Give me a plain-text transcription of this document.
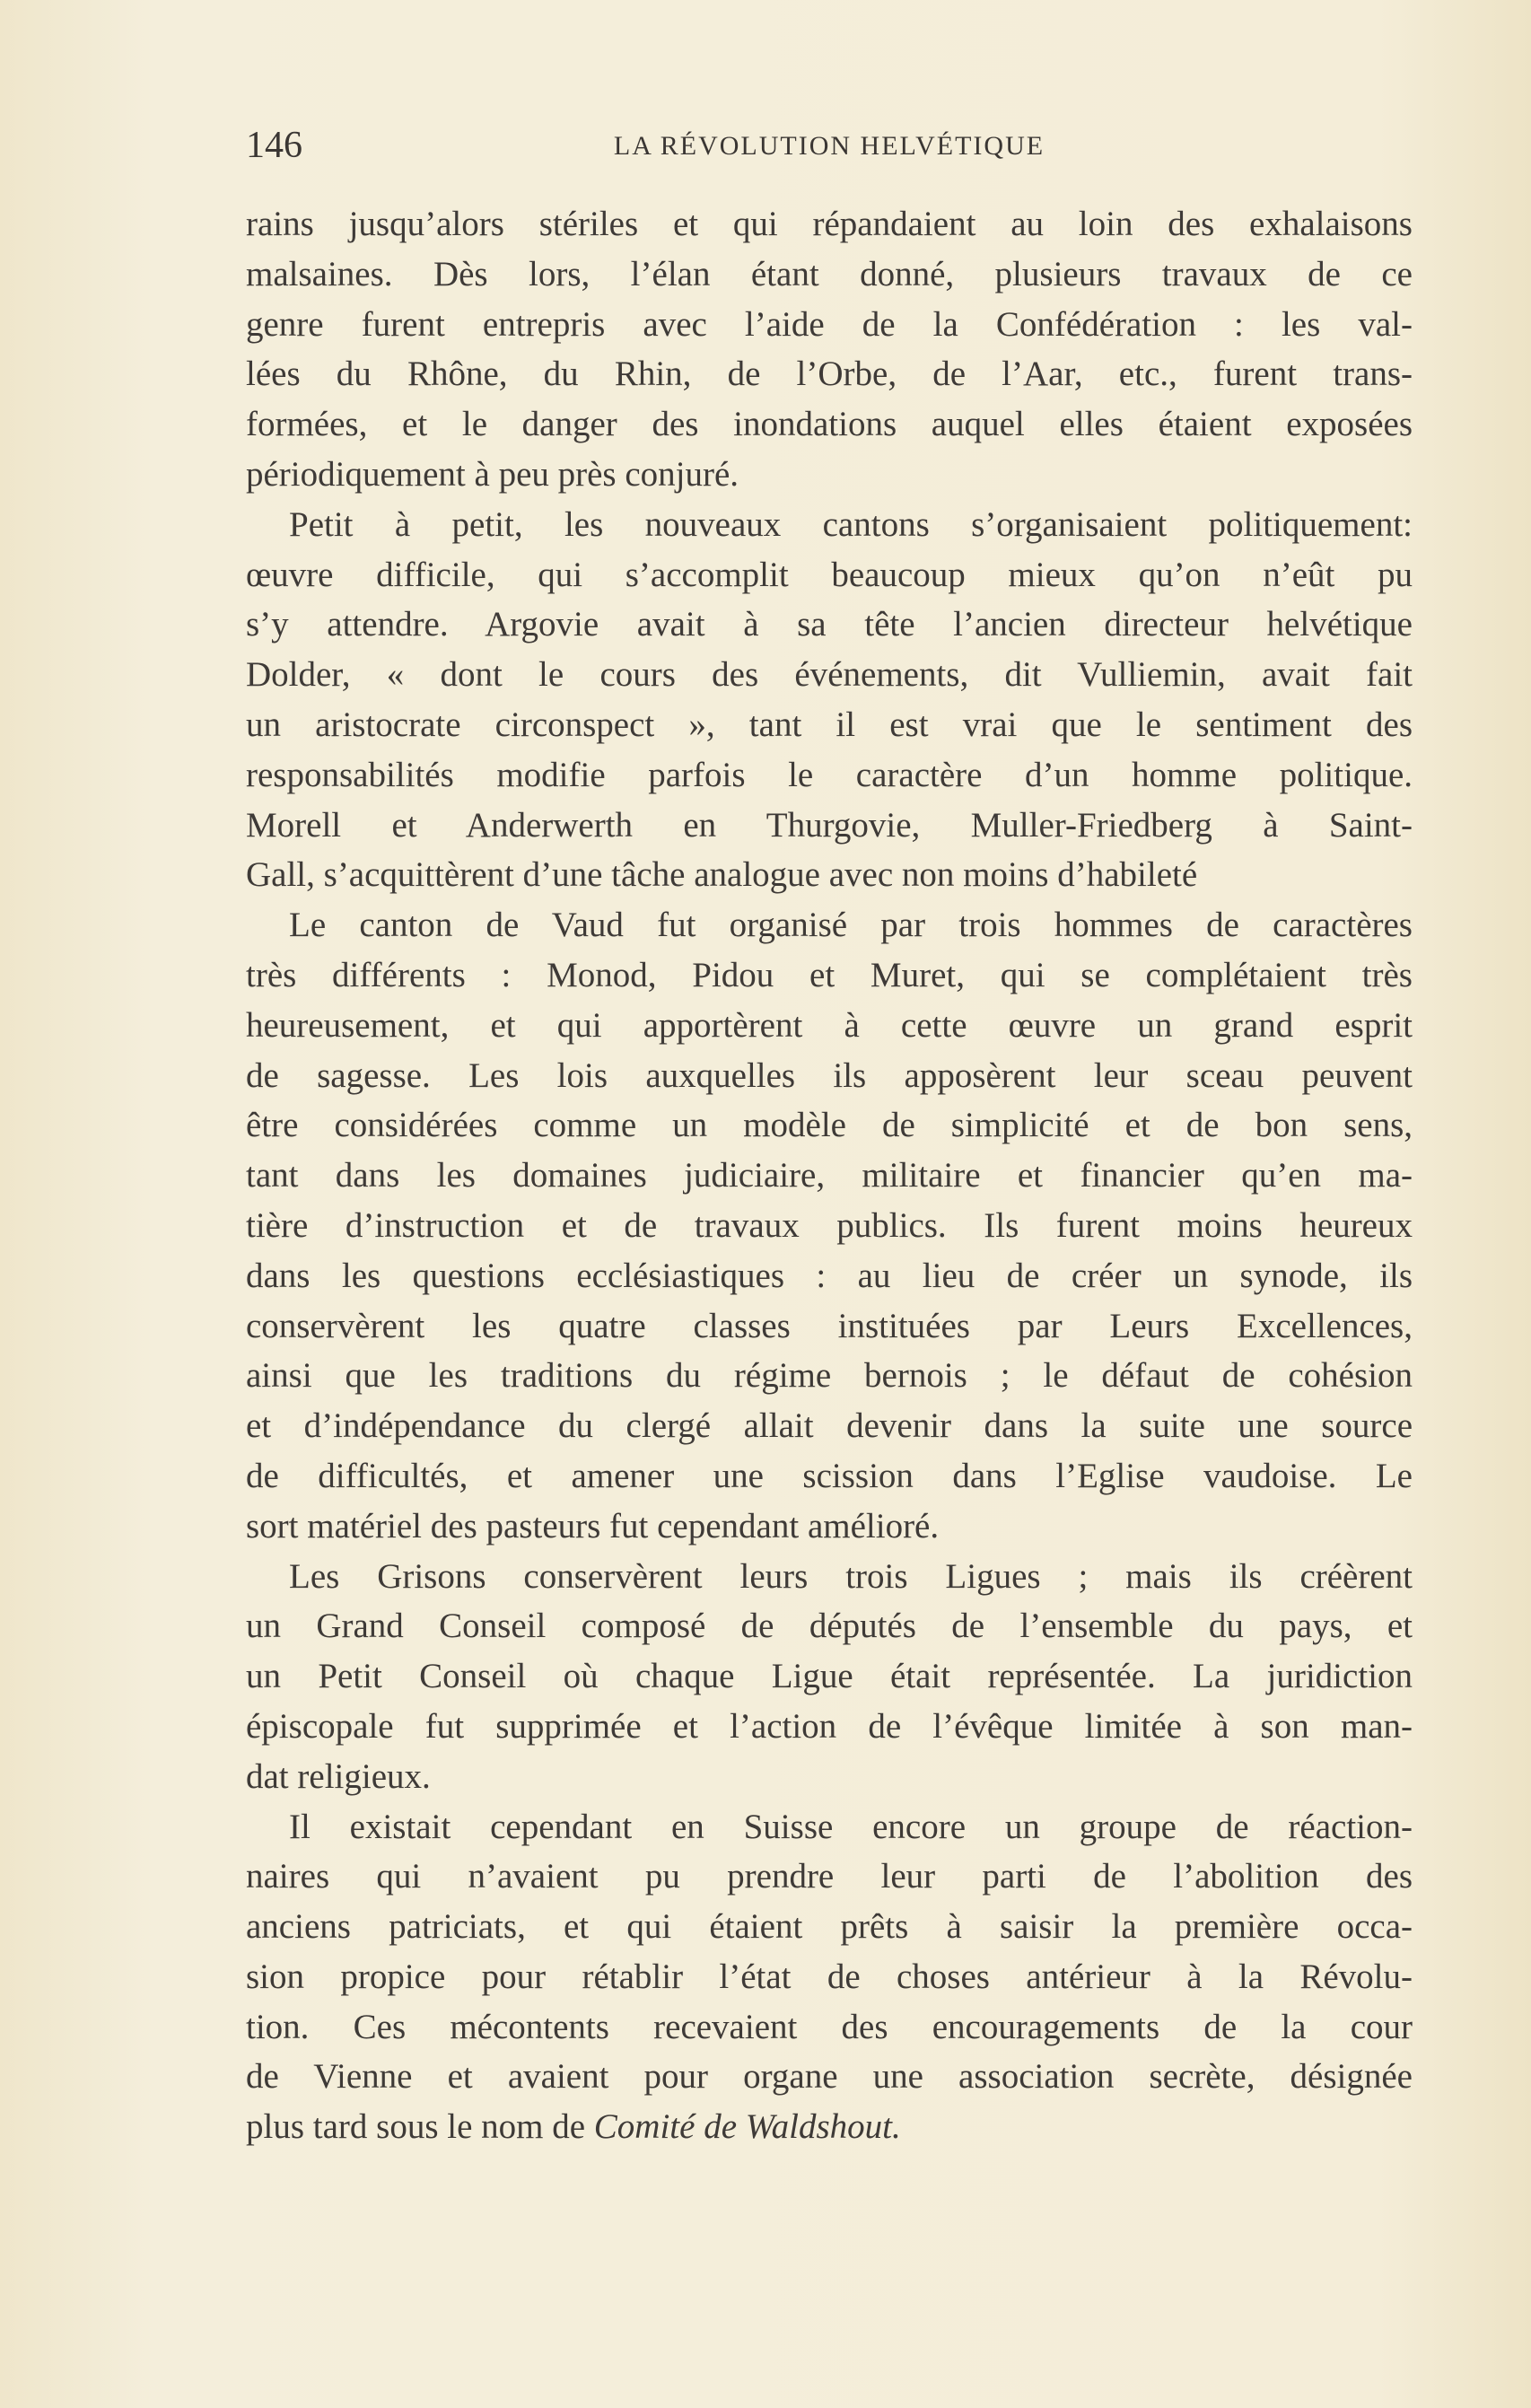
146	LA RÉVOLUTION HELVÉTIQUE
rains jusqu’alors stériles et qui répandaient au loin des exhalaisons
malsaines. Dès lors, l’élan étant donné, plusieurs travaux de ce
genre furent entrepris avec l’aide de la Confédération : les val-
lées du Rhône, du Rhin, de l’Orbe, de l’Aar, etc., furent trans-
formées, et le danger des inondations auquel elles étaient exposées
périodiquement à peu près conjuré.
Petit à petit, les nouveaux cantons s’organisaient politiquement:
œuvre difficile, qui s’accomplit beaucoup mieux qu’on n’eût pu
s’y attendre. Argovie avait à sa tête l’ancien directeur helvétique
Dolder, « dont le cours des événements, dit Vulliemin, avait fait
un aristocrate circonspect », tant il est vrai que le sentiment des
responsabilités modifie parfois le caractère d’un homme politique.
Morell et Anderwerth en Thurgovie, Muller-Friedberg à Saint-
Gall, s’acquittèrent d’une tâche analogue avec non moins d’habileté
Le canton de Vaud fut organisé par trois hommes de caractères
très différents : Monod, Pidou et Muret, qui se complétaient très
heureusement, et qui apportèrent à cette œuvre un grand esprit
de sagesse. Les lois auxquelles ils apposèrent leur sceau peuvent
être considérées comme un modèle de simplicité et de bon sens,
tant dans les domaines judiciaire, militaire et financier qu’en ma-
tière d’instruction et de travaux publics. Ils furent moins heureux
dans les questions ecclésiastiques : au lieu de créer un synode, ils
conservèrent les quatre classes instituées par Leurs Excellences,
ainsi que les traditions du régime bernois ; le défaut de cohésion
et d’indépendance du clergé allait devenir dans la suite une source
de difficultés, et amener une scission dans l’Eglise vaudoise. Le
sort matériel des pasteurs fut cependant amélioré.
Les Grisons conservèrent leurs trois Ligues ; mais ils créèrent
un Grand Conseil composé de députés de l’ensemble du pays, et
un Petit Conseil où chaque Ligue était représentée. La juridiction
épiscopale fut supprimée et l’action de l’évêque limitée à son man-
dat religieux.
Il existait cependant en Suisse encore un groupe de réaction-
naires qui n’avaient pu prendre leur parti de l’abolition des
anciens patriciats, et qui étaient prêts à saisir la première occa-
sion propice pour rétablir l’état de choses antérieur à la Révolu-
tion. Ces mécontents recevaient des encouragements de la cour
de Vienne et avaient pour organe une association secrète, désignée
plus tard sous le nom de Comité de Waldshout.
